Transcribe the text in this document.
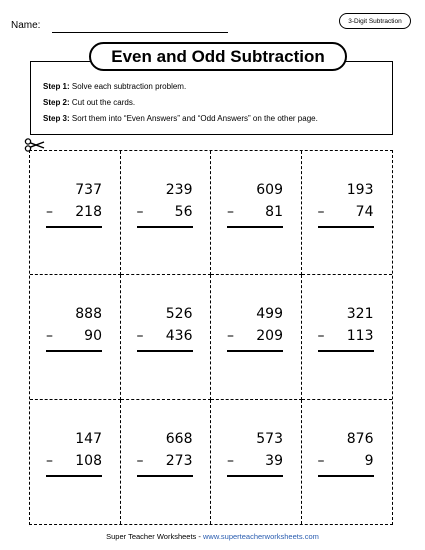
Name:	3-Digit Subtraction
Even and Odd Subtraction
Step 1: Solve each subtraction problem.
Step 2: Cut out the cards.
Step 3: Sort them into “Even Answers” and “Odd Answers” on the other page.
737
– 218
239
– 56
609
– 81
193
– 74
888
– 90
526
– 436
499
– 209
321
– 113
147
– 108
668
– 273
573
– 39
876
–	9
Super Teacher Worksheets - www.superteacherworksheets.com
